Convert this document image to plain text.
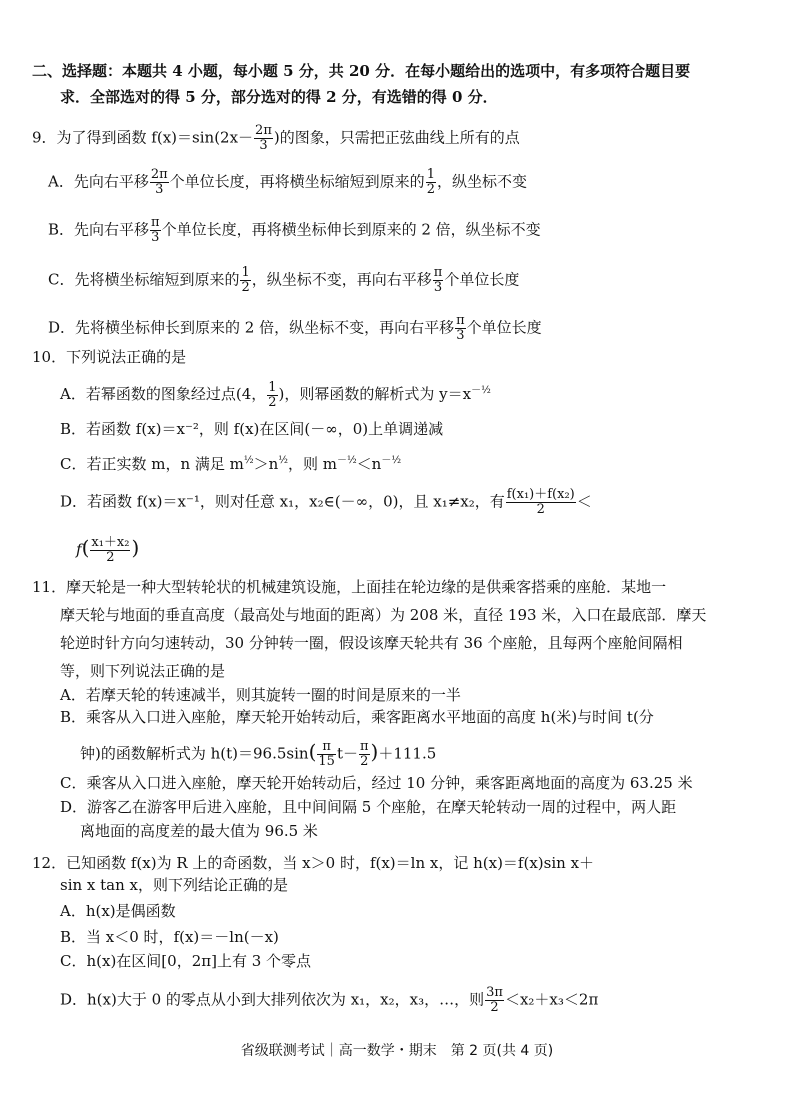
二、选择题：本题共 4 小题，每小题 5 分，共 20 分．在每小题给出的选项中，有多项符合题目要
求．全部选对的得 5 分，部分选对的得 2 分，有选错的得 0 分．
9．为了得到函数 $f(x)=\sin(2x- \frac{2\pi}{3}$ )的图象，只需把正弦曲线上所有的点
A．先向右平移 $\frac{2\pi}{3}$ 个单位长度，再将横坐标缩短到原来的 $\frac{1}{2}$ ，纵坐标不变
B．先向右平移 $\frac{\pi}{3}$ 个单位长度，再将横坐标伸长到原来的 2 倍，纵坐标不变
C．先将横坐标缩短到原来的 $\frac{1}{2}$ ，纵坐标不变，再向右平移 $\frac{\pi}{3}$ 个单位长度
D．先将横坐标伸长到原来的 2 倍，纵坐标不变，再向右平移 $\frac{\pi}{3}$ 个单位长度
10．下列说法正确的是
A．若幂函数的图象经过点(4， $\frac{1}{2}$ )，则幂函数的解析式为 $y=x^{-\frac{1}{2}}$
B．若函数 f(x)＝x⁻²，则 f(x)在区间(－∞，0)上单调递减
C．若正实数 m，n 满足 $m^{\frac{1}{2}}>n^{\frac{1}{2}}$，则 $m^{-\frac{1}{2}}<n^{-\frac{1}{2}}$
D．若函数 f(x)＝x⁻¹，则对任意 x₁，x₂∈(－∞，0)，且 x₁≠x₂，有 $\frac{\text{f(x₁)＋f(x₂)}}{2}$ ＜
$f( \frac{\text{x₁＋x₂}}{2}$ )
11．摩天轮是一种大型转轮状的机械建筑设施，上面挂在轮边缘的是供乘客搭乘的座舱．某地一
摩天轮与地面的垂直高度（最高处与地面的距离）为 208 米，直径 193 米，入口在最底部．摩天
轮逆时针方向匀速转动，30 分钟转一圈，假设该摩天轮共有 36 个座舱，且每两个座舱间隔相
等，则下列说法正确的是
A．若摩天轮的转速减半，则其旋转一圈的时间是原来的一半
B．乘客从入口进入座舱，摩天轮开始转动后，乘客距离水平地面的高度 h(米)与时间 t(分
钟)的函数解析式为 $h(t)=96.5\sin( \frac{\pi}{15} t- \frac{\pi}{2} )+111.5$
C．乘客从入口进入座舱，摩天轮开始转动后，经过 10 分钟，乘客距离地面的高度为 63.25 米
D．游客乙在游客甲后进入座舱，且中间间隔 5 个座舱，在摩天轮转动一周的过程中，两人距
离地面的高度差的最大值为 96.5 米
12．已知函数 f(x)为 R 上的奇函数，当 x＞0 时，f(x)＝ln x，记 h(x)＝f(x)sin x＋
sin x tan x，则下列结论正确的是
A．h(x)是偶函数
B．当 x＜0 时，f(x)＝－ln(－x)
C．h(x)在区间[0，2π]上有 3 个零点
D．h(x)大于 0 的零点从小到大排列依次为 x₁，x₂，x₃，…，则 $\frac{3\pi}{2} <x_2+x_3<2\pi$
省级联测考试｜高一数学・期末　第 2 页(共 4 页)
